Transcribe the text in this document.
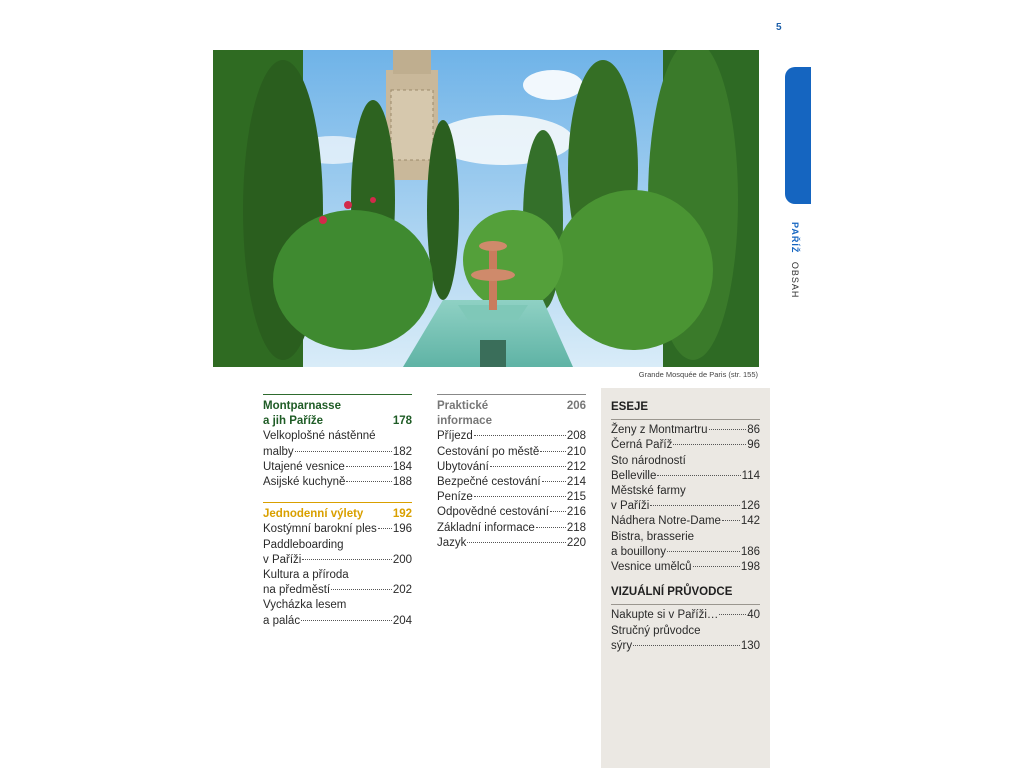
5
PAŘÍŽ OBSAH
Grande Mosquée de Paris (str. 155)
Montparnasse
a jih Paříže	178
Velkoplošné nástěnné
malby	182
Utajené vesnice	184
Asijské kuchyně	188
Jednodenní výlety	192
Kostýmní barokní ples 196
Paddleboarding
v Paříži	200
Kultura a příroda
na předměstí	202
Vycházka lesem
a palác	204
Praktické
informace
206
Příjezd	208
Cestování po městě 210
Ubytování	212
Bezpečné cestování 214
Peníze	215
Odpovědné cestování 216
Základní informace	218
Jazyk	220
ESEJE
Ženy z Montmartru	86
Černá Paříž	96
Sto národností
Belleville	114
Městské farmy
v Paříži	126
Nádhera Notre-Dame 142
Bistra, brasserie
a bouillony	186
Vesnice umělců	198
VIZUÁLNÍ PRŮVODCE
Nakupte si v Paříži…	40
Stručný průvodce
sýry	130
